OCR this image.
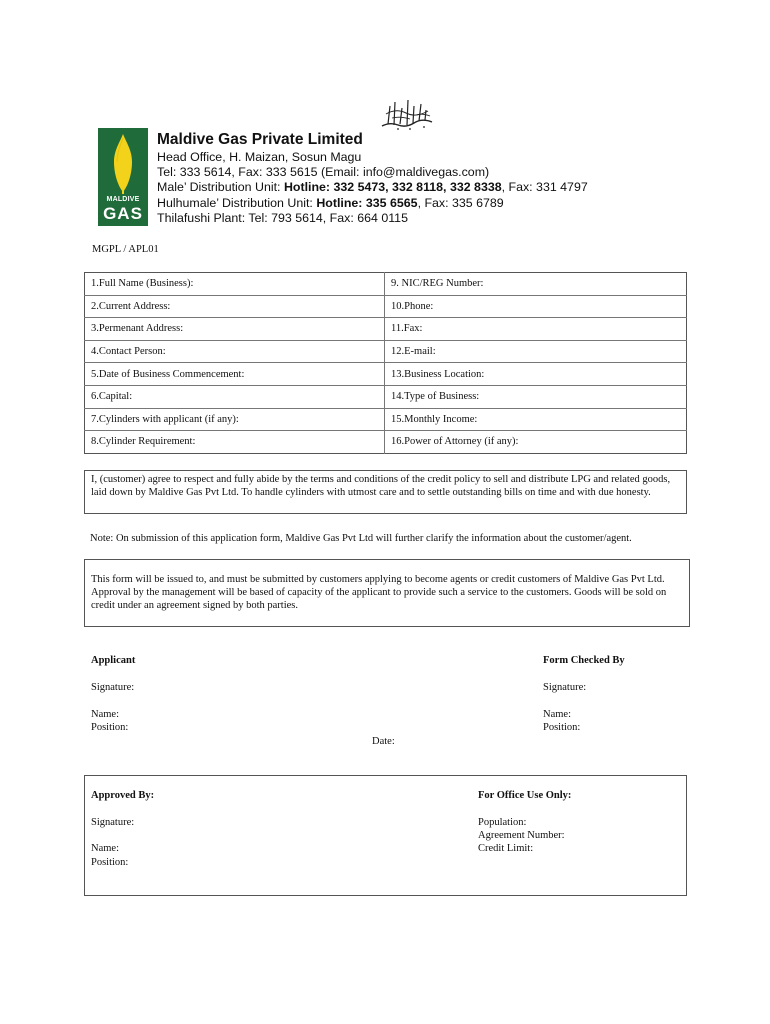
MALDIVE
GAS
Maldive Gas Private Limited
Head Office, H. Maizan, Sosun Magu
Tel: 333 5614, Fax: 333 5615 (Email: info@maldivegas.com)
Male’ Distribution Unit: Hotline: 332 5473, 332 8118, 332 8338, Fax: 331 4797
Hulhumale’ Distribution Unit: Hotline: 335 6565, Fax: 335 6789
Thilafushi Plant: Tel: 793 5614, Fax: 664 0115
MGPL / APL01
1.Full Name (Business):	9. NIC/REG Number:
2.Current Address:	10.Phone:
3.Permenant Address:	11.Fax:
4.Contact Person:	12.E-mail:
5.Date of Business Commencement:	13.Business Location:
6.Capital:	14.Type of Business:
7.Cylinders with applicant (if any):	15.Monthly Income:
8.Cylinder Requirement:	16.Power of Attorney (if any):
I, (customer) agree to respect and fully abide by the terms and conditions of the credit policy to sell and distribute LPG and related goods, laid down by Maldive Gas Pvt Ltd. To handle cylinders with utmost care and to settle outstanding bills on time and with due honesty.
Note: On submission of this application form, Maldive Gas Pvt Ltd will further clarify the information about the customer/agent.
This form will be issued to, and must be submitted by customers applying to become agents or credit customers of Maldive Gas Pvt Ltd. Approval by the management will be based of capacity of the applicant to provide such a service to the customers. Goods will be sold on credit under an agreement signed by both parties.
Applicant
Signature:
Name:
Position:
Form Checked By
Signature:
Name:
Position:
Date:
Approved By:
Signature:
Name:
Position:
For Office Use Only:
Population:
Agreement Number:
Credit Limit:
